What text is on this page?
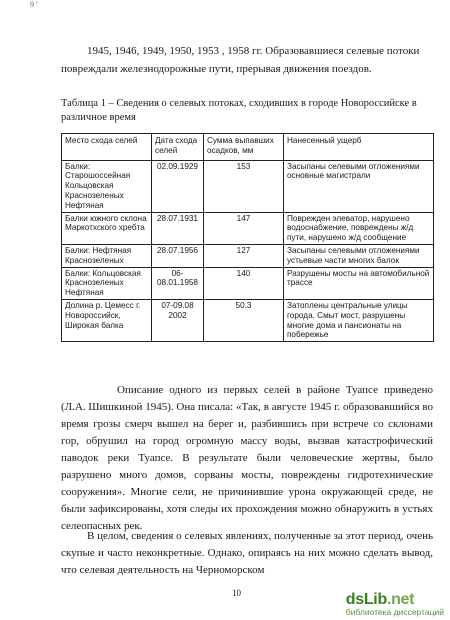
9 '
1945, 1946, 1949, 1950, 1953 , 1958 гг. Образовавшиеся селевые потоки
повреждали железнодорожные пути, прерывая движения поездов.
Таблица 1 – Сведения о селевых потоках, сходивших в городе Новороссийске в различное время
Место схода селей	Дата схода селей	Сумма выпавших осадков, мм	Нанесенный ущерб
Балки: Старошоссейная Кольцовская Краснозеленых Нефтяная	02.09.1929	153	Засыпаны селевыми отложениями основные магистрали
Балки южного склона Маркотхского хребта	28.07.1931	147	Поврежден элеватор, нарушено водоснабжение, повреждены ж/д пути, нарушено ж/д сообщение
Балки: Нефтяная Краснозеленых	28.07.1956	127	Засыпаны селевыми отложениями устьевые части многих балок
Балки: Кольцовская Краснозеленых Нефтяная	06-08.01.1958	140	Разрушены мосты на автомобильной трассе
Долина р. Цемесс г. Новороссийск, Широкая балка	07-09.08 2002	50.3	Затоплены центральные улицы города. Смыт мост, разрушены многие дома и пансионаты на побережье
Описание одного из первых селей в районе Туапсе приведено (Л.А. Шишкиной 1945). Она писала: «Так, в августе 1945 г. образовавшийся во время грозы смерч вышел на берег и, разбившись при встрече со склонами гор, обрушил на город огромную массу воды, вызвав катастрофический паводок реки Туапсе. В результате были человеческие жертвы, было разрушено много домов, сорваны мосты, повреждены гидротехнические сооружения». Многие сели, не причинившие урона окружающей среде, не были зафиксированы, хотя следы их прохождения можно обнаружить в устьях селеопасных рек.
В целом, сведения о селевых явлениях, полученные за этот период, очень скупые и часто неконкретные. Однако, опираясь на них можно сделать вывод, что селевая деятельность на Черноморском
10	dsLib.net
библиотека диссертаций
